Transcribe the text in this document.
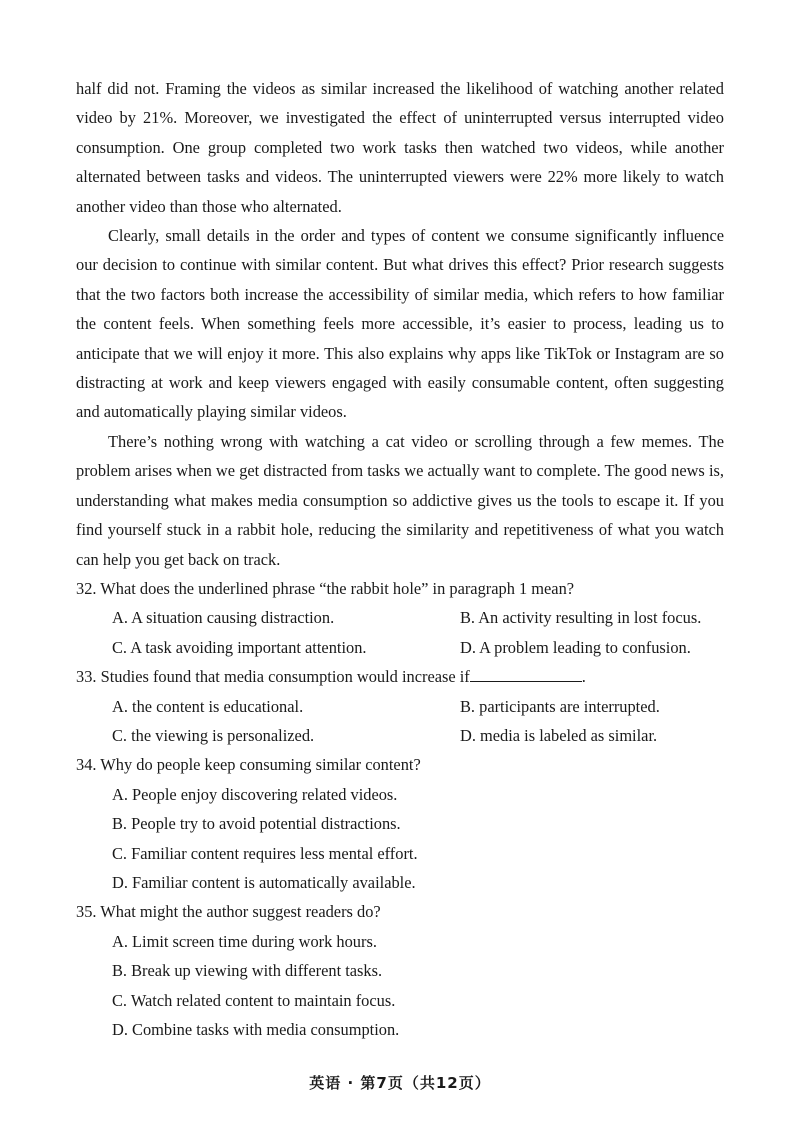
half did not. Framing the videos as similar increased the likelihood of watching another related video by 21%. Moreover, we investigated the effect of uninterrupted versus interrupted video consumption. One group completed two work tasks then watched two videos, while another alternated between tasks and videos. The uninterrupted viewers were 22% more likely to watch another video than those who alternated.

Clearly, small details in the order and types of content we consume significantly influence our decision to continue with similar content. But what drives this effect? Prior research suggests that the two factors both increase the accessibility of similar media, which refers to how familiar the content feels. When something feels more accessible, it’s easier to process, leading us to anticipate that we will enjoy it more. This also explains why apps like TikTok or Instagram are so distracting at work and keep viewers engaged with easily consumable content, often suggesting and automatically playing similar videos.

There’s nothing wrong with watching a cat video or scrolling through a few memes. The problem arises when we get distracted from tasks we actually want to complete. The good news is, understanding what makes media consumption so addictive gives us the tools to escape it. If you find yourself stuck in a rabbit hole, reducing the similarity and repetitiveness of what you watch can help you get back on track.

32. What does the underlined phrase “the rabbit hole” in paragraph 1 mean?

A. A situation causing distraction.	B. An activity resulting in lost focus.
C. A task avoiding important attention.	D. A problem leading to confusion.

33. Studies found that media consumption would increase if	.

A. the content is educational.	B. participants are interrupted.
C. the viewing is personalized.	D. media is labeled as similar.

34. Why do people keep consuming similar content?

A. People enjoy discovering related videos.
B. People try to avoid potential distractions.
C. Familiar content requires less mental effort.
D. Familiar content is automatically available.

35. What might the author suggest readers do?

A. Limit screen time during work hours.
B. Break up viewing with different tasks.
C. Watch related content to maintain focus.
D. Combine tasks with media consumption.
英语 · 第7页（共12页）
